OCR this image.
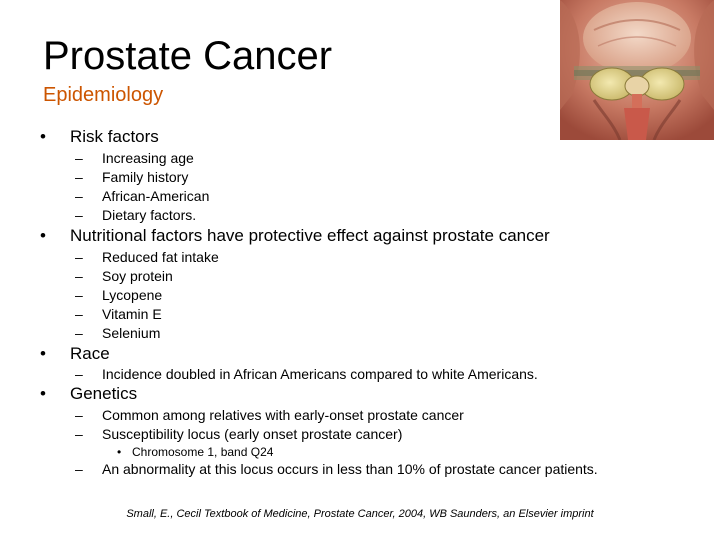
Prostate Cancer
Epidemiology
• Risk factors
– Increasing age
– Family history
– African-American
– Dietary factors.
• Nutritional factors have protective effect against prostate cancer
– Reduced fat intake
– Soy protein
– Lycopene
– Vitamin E
– Selenium
• Race
– Incidence doubled in African Americans compared to white Americans.
• Genetics
– Common among relatives with early-onset prostate cancer
– Susceptibility locus (early onset prostate cancer)
• Chromosome 1, band Q24
– An abnormality at this locus occurs in less than 10% of prostate cancer patients.
Small, E., Cecil Textbook of Medicine, Prostate Cancer, 2004, WB Saunders, an Elsevier imprint
